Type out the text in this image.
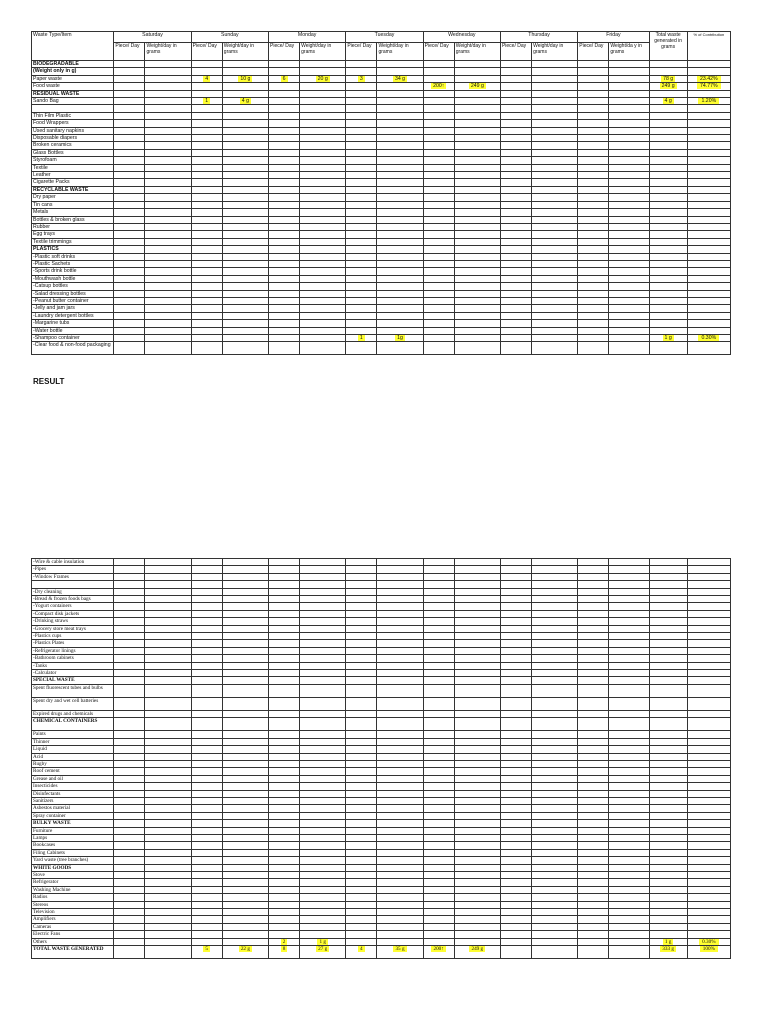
Waste Type/Item	Saturday		Sunday		Monday		Tuesday		Wednesday		Thursday		Friday		Total waste generated in grams	% of Contribution
	Piece/ Day	Weight/day in grams	Piece/ Day	Weight/day in grams	Piece/ Day	Weight/day in grams	Piece/ Day	Weight/day in grams	Piece/ Day	Weight/day in grams	Piece/ Day	Weight/day in grams	Piece/ Day	Weight/da y in grams		
BIODEGRADABLE																
(Weight only in g)																
Paper waste			4	10 g	6	20 g	3	34 g							78 g	23.42%
Food waste									200↑	249 g					249 g	74.77%
RESIDUAL WASTE																
Sando Bag			1	4 g											4 g	1.20%

Thin Film Plastic																
Food Wrappers																
Used sanitary napkins																
Disposable diapers																
Broken ceramics																
Glass Bottles																
Styrofoam																
Textile																
Leather																
Cigarette Packs																
RECYCLABLE WASTE																
Dry paper																
Tin cans																
Metals																
Bottles & broken glass																
Rubber																
Egg trays																
Textile trimmings																
PLASTICS																
-Plastic soft drinks																
-Plastic Sachets																
-Sports drink bottle																
-Mouthwash bottle																
-Catsup bottles																
-Salad dressing bottles																
-Peanut butter container																
-Jelly and jam jars																
-Laundry detergent bottles																
-Margarine tubs																
-Water bottle																
-Shampoo container							1	1g							1 g	0.30%
-Clear food & non-food packaging																
RESULT
-Wire & cable insulation																
-Pipes																
-Window Frames																

-Dry cleaning																
-Bread & frozen foods bags																
-Yogurt containers																
-Compact disk jackets																
-Drinking straws																
-Grocery store meat trays																
-Plastics cups																
-Plastics Plates																
-Refrigerator linings																
-Bathroom cabinets																
-Tanks																
-Calculator																
SPECIAL WASTE																
Spent fluorescent tubes and bulbs																
Spent dry and wet cell batteries																
Expired drugs and chemicals																
CHEMICAL CONTAINERS																
Paints																
Thinner																
Liquid																
Acid																
Rugby																
Roof cement																
Grease and oil																
Insecticides																
Disinfectants																
Sanitizers																
Asbestos material																
Spray container																
BULKY WASTE																
Furniture																
Lamps																
Bookcases																
Filing Cabinets																
Yard waste (tree branches)																
WHITE GOODS																
Stove																
Refrigerator																
Washing Machine																
Radios																
Stereos																
Television																
Amplifiers																
Cameras																
Electric Fans																
Others					2	1 g									1 g	0.30%
TOTAL WASTE GENERATED			5	22 g	8	27 g	4	35 g	200↑	249 g					333 g	100%
